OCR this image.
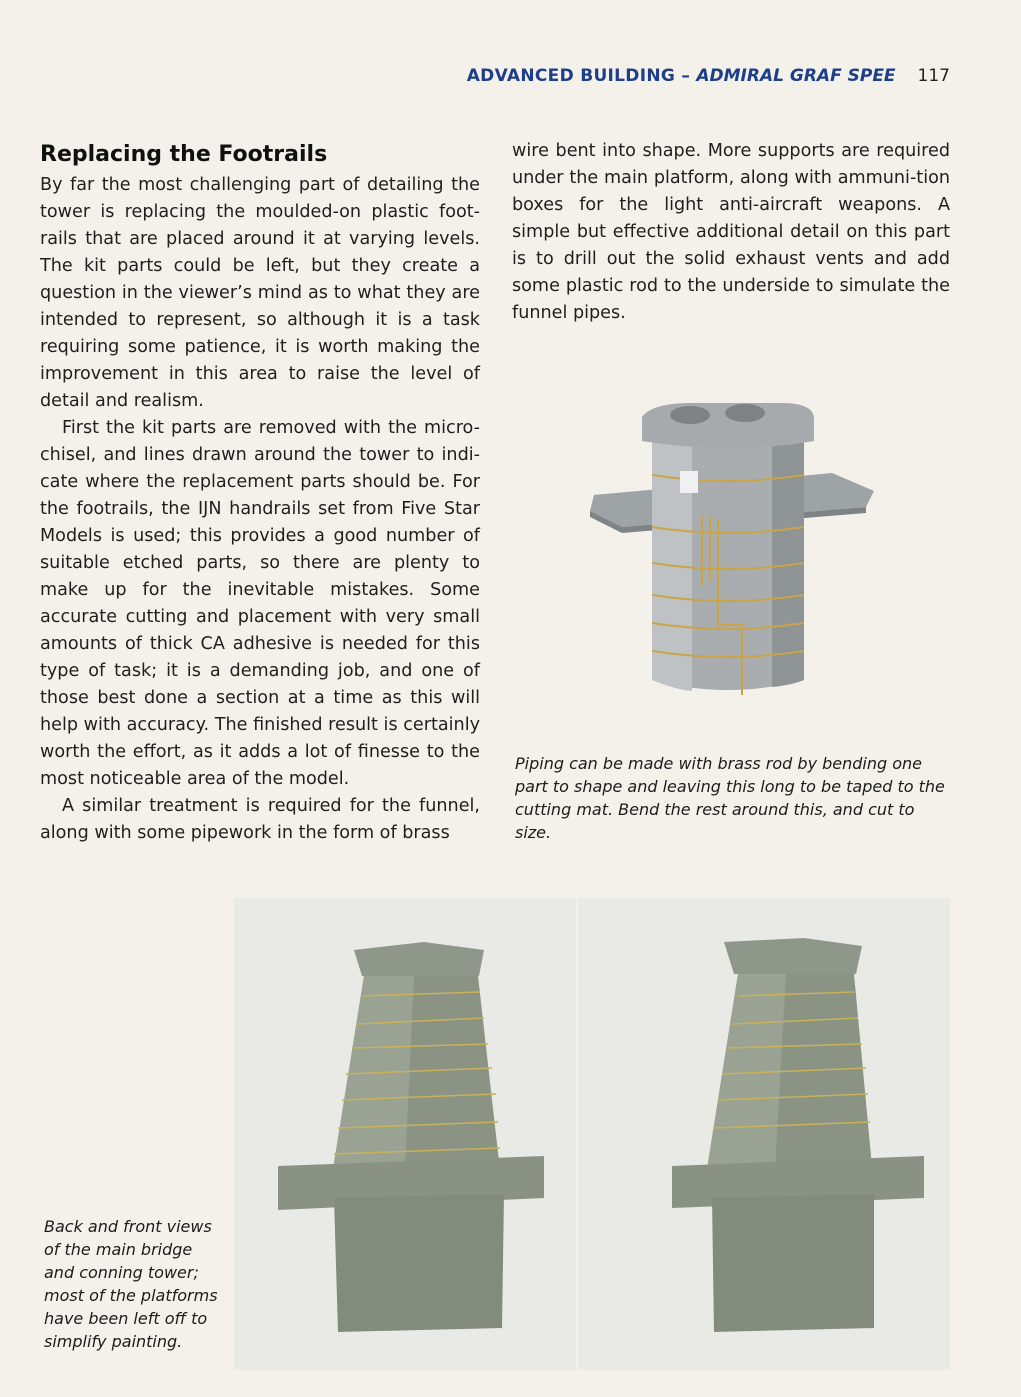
ADVANCED BUILDING – ADMIRAL GRAF SPEE 117
Replacing the Footrails

By far the most challenging part of detailing the tower is replacing the moulded-on plastic foot-rails that are placed around it at varying levels. The kit parts could be left, but they create a question in the viewer’s mind as to what they are intended to represent, so although it is a task requiring some patience, it is worth making the improvement in this area to raise the level of detail and realism.

First the kit parts are removed with the micro-chisel, and lines drawn around the tower to indi-cate where the replacement parts should be. For the footrails, the IJN handrails set from Five Star Models is used; this provides a good number of suitable etched parts, so there are plenty to make up for the inevitable mistakes. Some accurate cutting and placement with very small amounts of thick CA adhesive is needed for this type of task; it is a demanding job, and one of those best done a section at a time as this will help with accuracy. The finished result is certainly worth the effort, as it adds a lot of finesse to the most noticeable area of the model.

A similar treatment is required for the funnel, along with some pipework in the form of brass

wire bent into shape. More supports are required under the main platform, along with ammuni-tion boxes for the light anti-aircraft weapons. A simple but effective additional detail on this part is to drill out the solid exhaust vents and add some plastic rod to the underside to simulate the funnel pipes.

Piping can be made with brass rod by bending one part to shape and leaving this long to be taped to the cutting mat. Bend the rest around this, and cut to size.
Back and front views of the main bridge and conning tower; most of the platforms have been left off to simplify painting.
